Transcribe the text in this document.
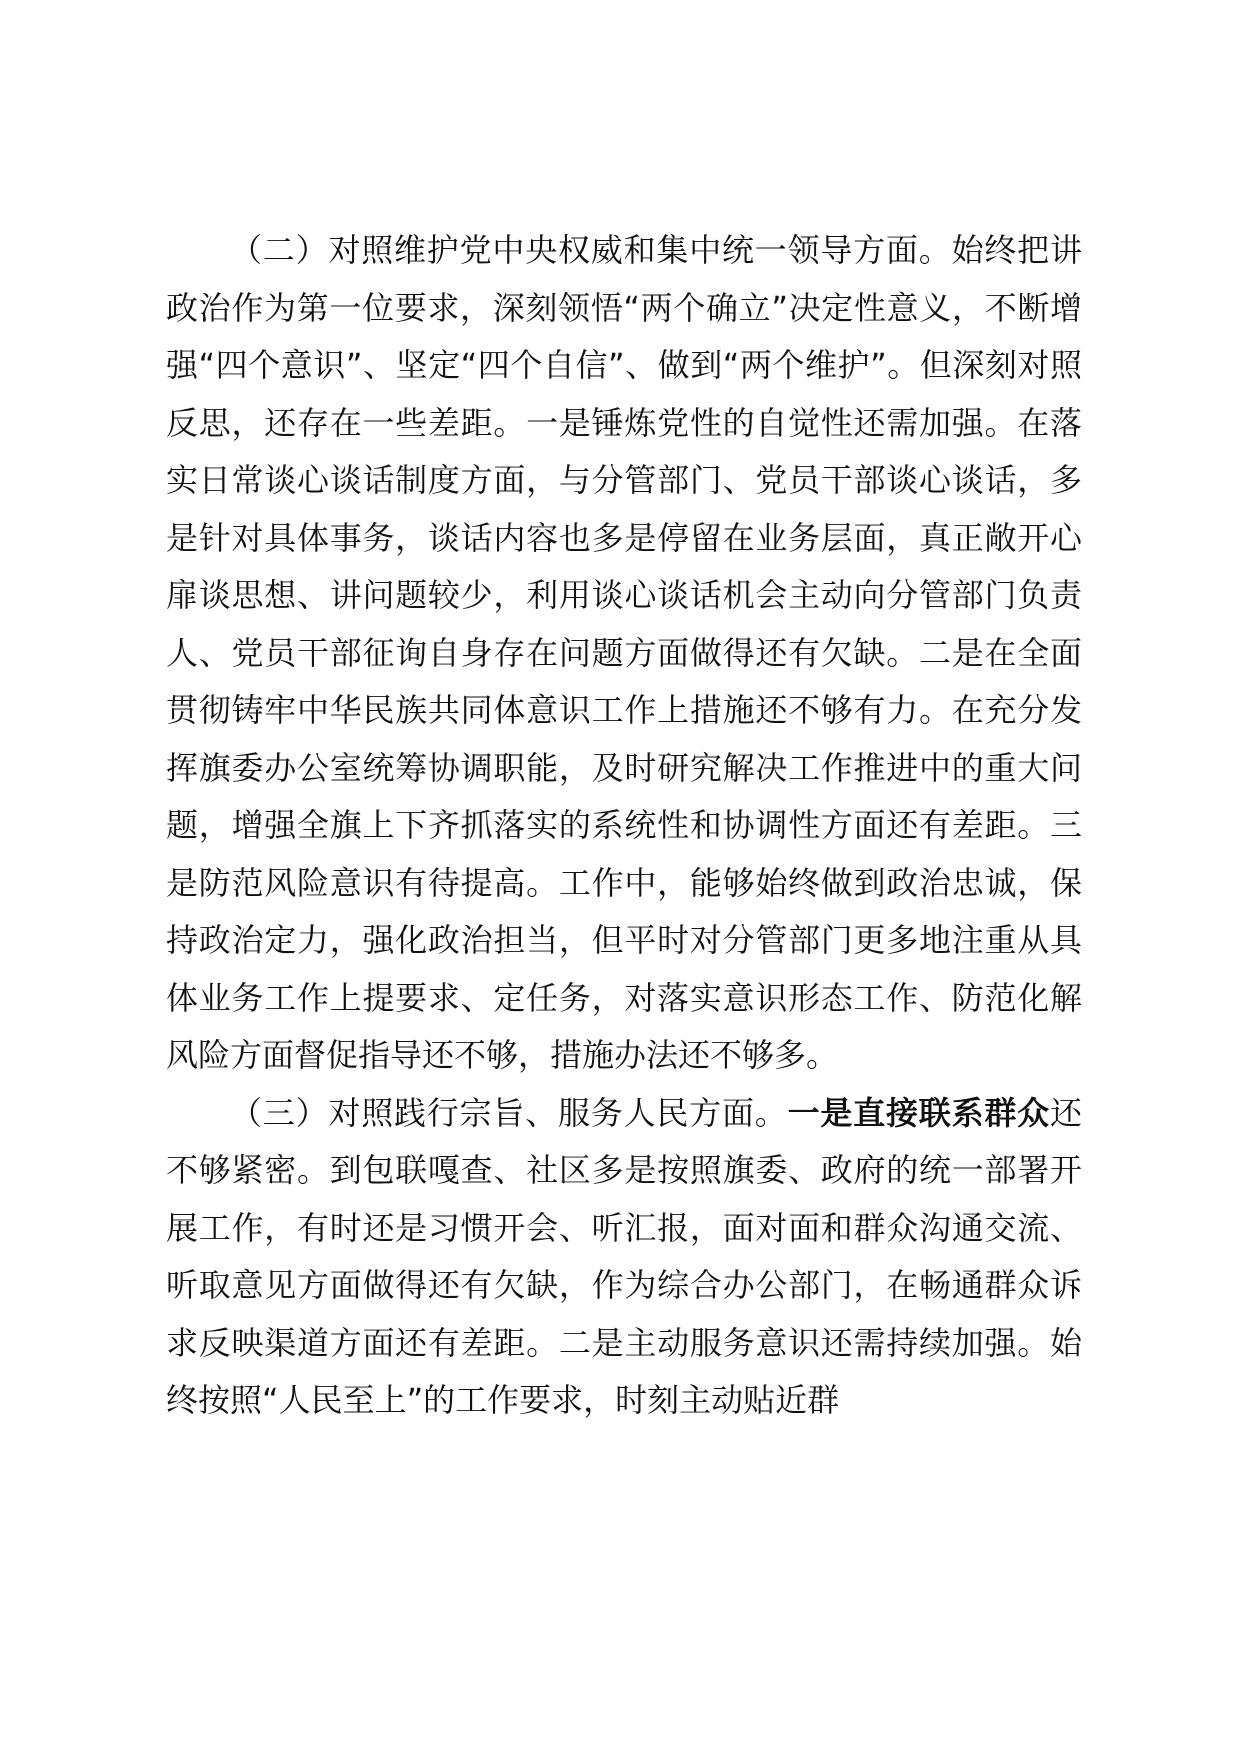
（二）对照维护党中央权威和集中统一领导方面。始终把讲政治作为第一位要求，深刻领悟“两个确立”决定性意义，不断增强“四个意识”、坚定“四个自信”、做到“两个维护”。但深刻对照反思，还存在一些差距。一是锤炼党性的自觉性还需加强。在落实日常谈心谈话制度方面，与分管部门、党员干部谈心谈话，多是针对具体事务，谈话内容也多是停留在业务层面，真正敞开心扉谈思想、讲问题较少，利用谈心谈话机会主动向分管部门负责人、党员干部征询自身存在问题方面做得还有欠缺。二是在全面贯彻铸牢中华民族共同体意识工作上措施还不够有力。在充分发挥旗委办公室统筹协调职能，及时研究解决工作推进中的重大问题，增强全旗上下齐抓落实的系统性和协调性方面还有差距。三是防范风险意识有待提高。工作中，能够始终做到政治忠诚，保持政治定力，强化政治担当，但平时对分管部门更多地注重从具体业务工作上提要求、定任务，对落实意识形态工作、防范化解风险方面督促指导还不够，措施办法还不够多。

（三）对照践行宗旨、服务人民方面。一是直接联系群众还不够紧密。到包联嘎查、社区多是按照旗委、政府的统一部署开展工作，有时还是习惯开会、听汇报，面对面和群众沟通交流、听取意见方面做得还有欠缺，作为综合办公部门，在畅通群众诉求反映渠道方面还有差距。二是主动服务意识还需持续加强。始终按照“人民至上”的工作要求，时刻主动贴近群
